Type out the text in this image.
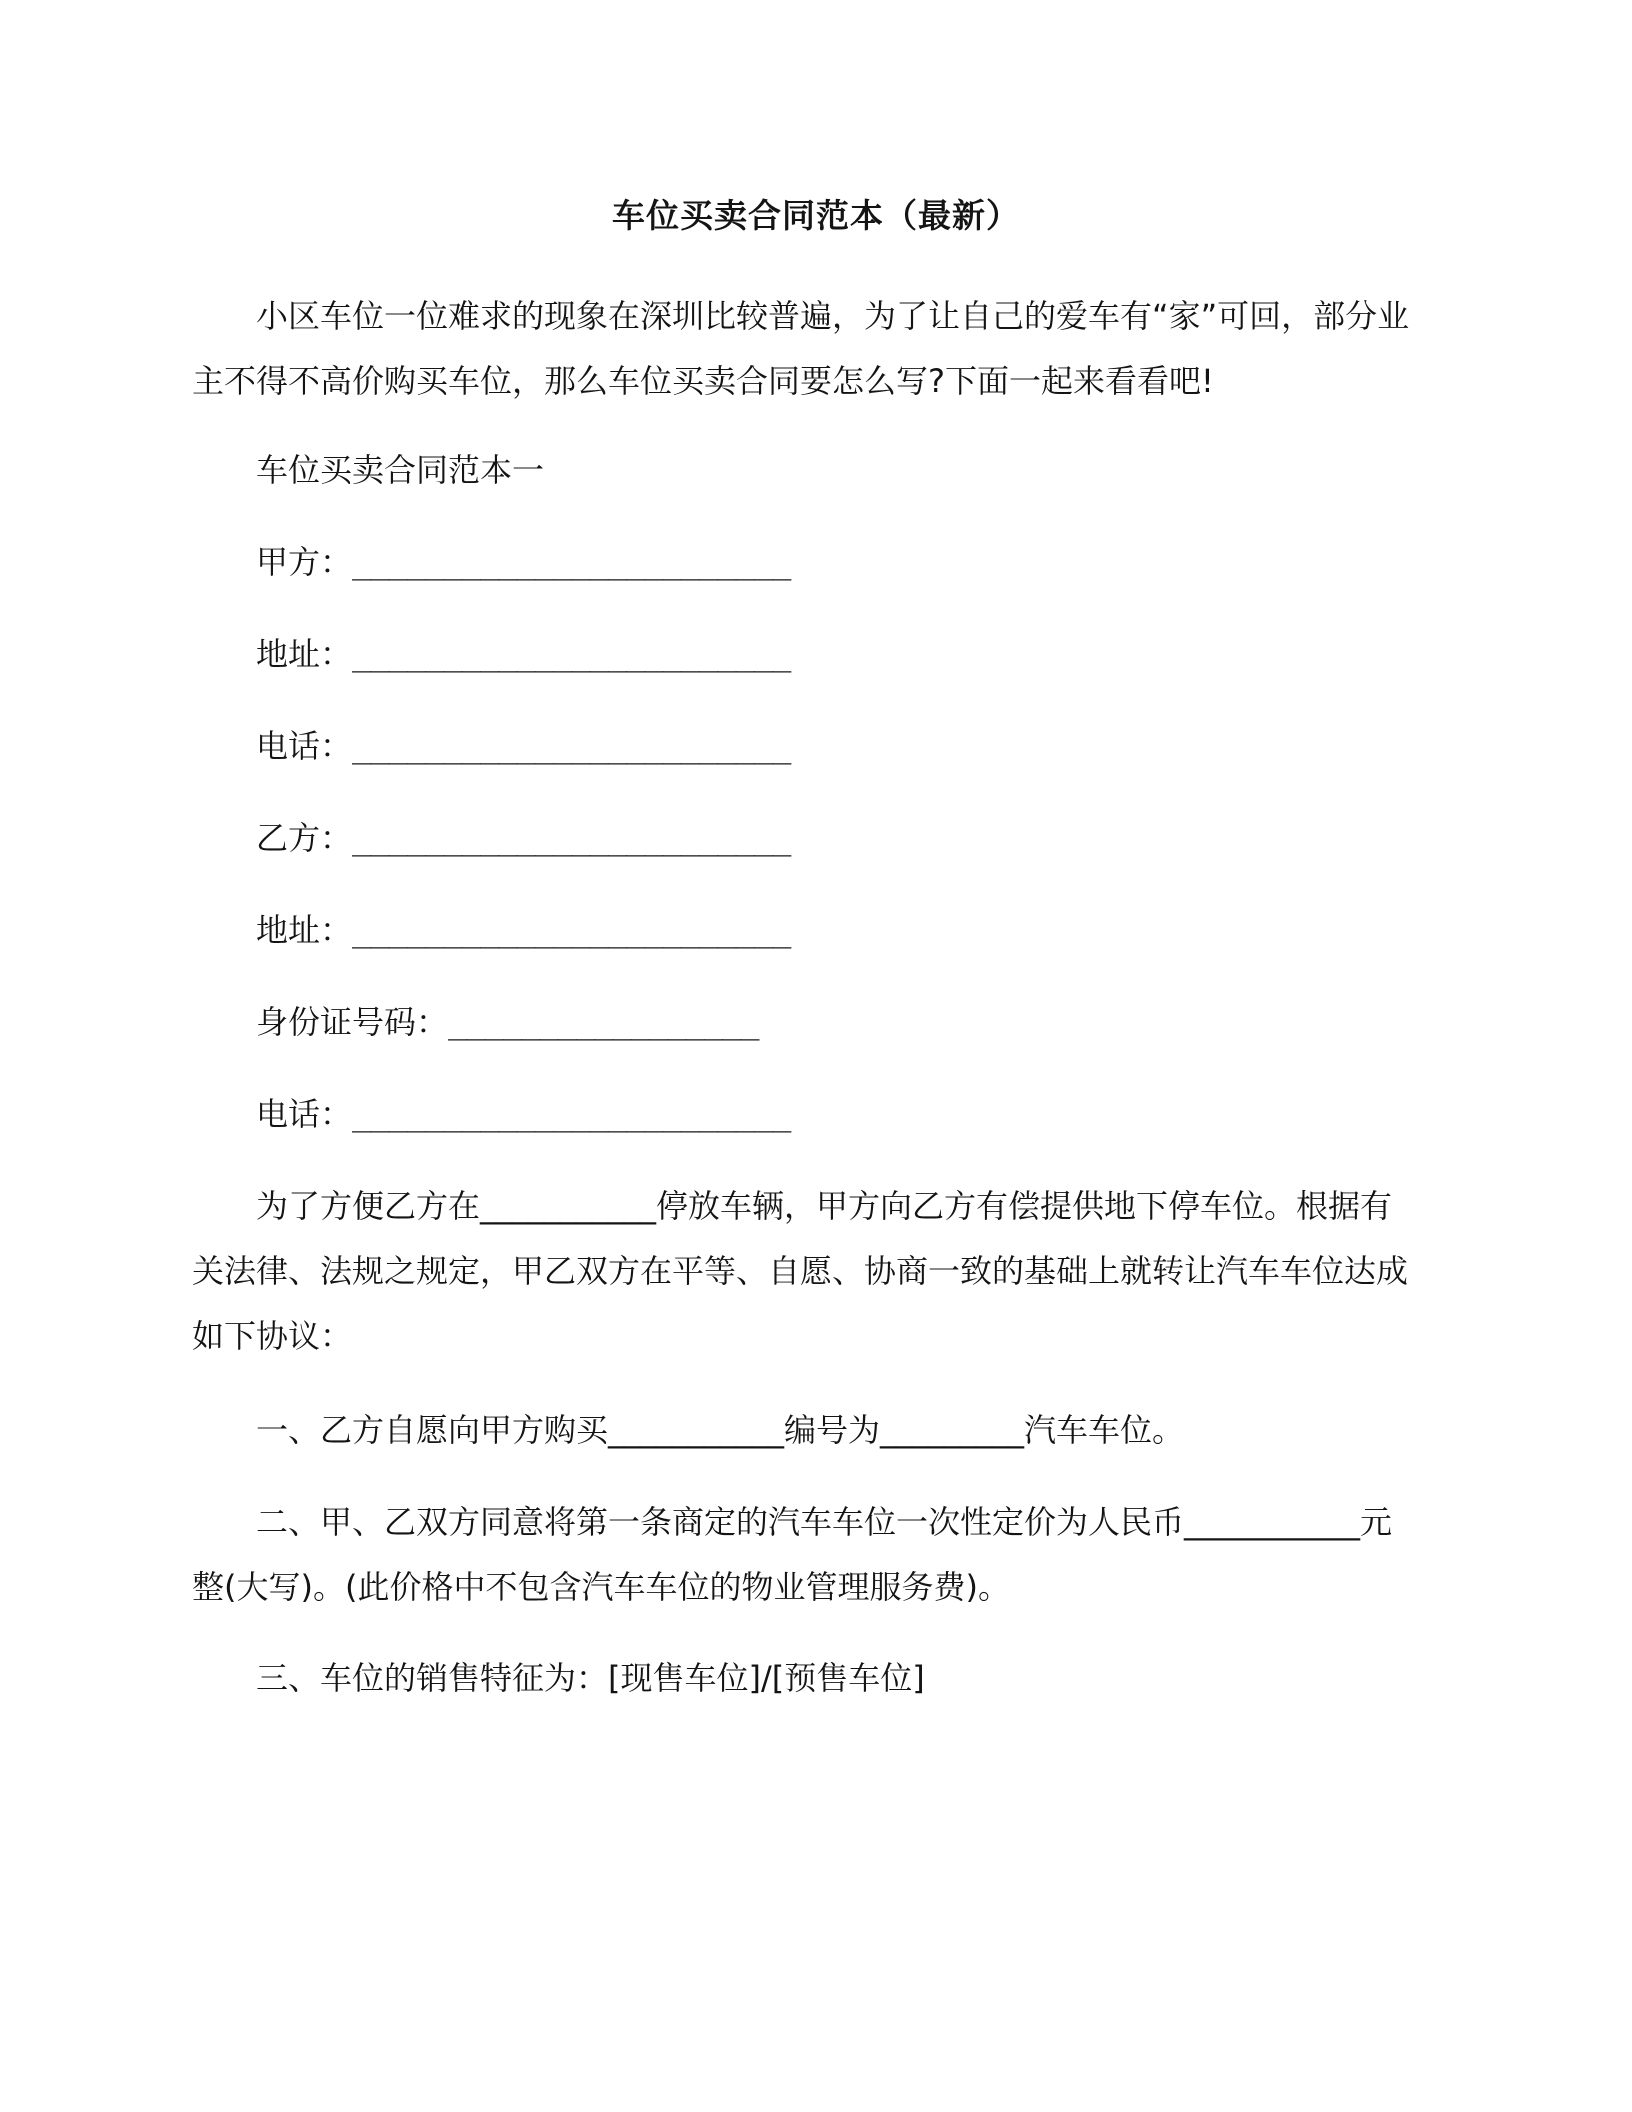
车位买卖合同范本（最新）

小区车位一位难求的现象在深圳比较普遍，为了让自己的爱车有“家”可回，部分业主不得不高价购买车位，那么车位买卖合同要怎么写?下面一起来看看吧!

车位买卖合同范本一

甲方：________________________

地址：________________________

电话：________________________

乙方：________________________

地址：________________________

身份证号码：_________________

电话：________________________

为了方便乙方在___________停放车辆，甲方向乙方有偿提供地下停车位。根据有关法律、法规之规定，甲乙双方在平等、自愿、协商一致的基础上就转让汽车车位达成如下协议：

一、乙方自愿向甲方购买___________编号为_________汽车车位。

二、甲、乙双方同意将第一条商定的汽车车位一次性定价为人民币___________元整(大写)。(此价格中不包含汽车车位的物业管理服务费)。

三、车位的销售特征为：[现售车位]/[预售车位]
